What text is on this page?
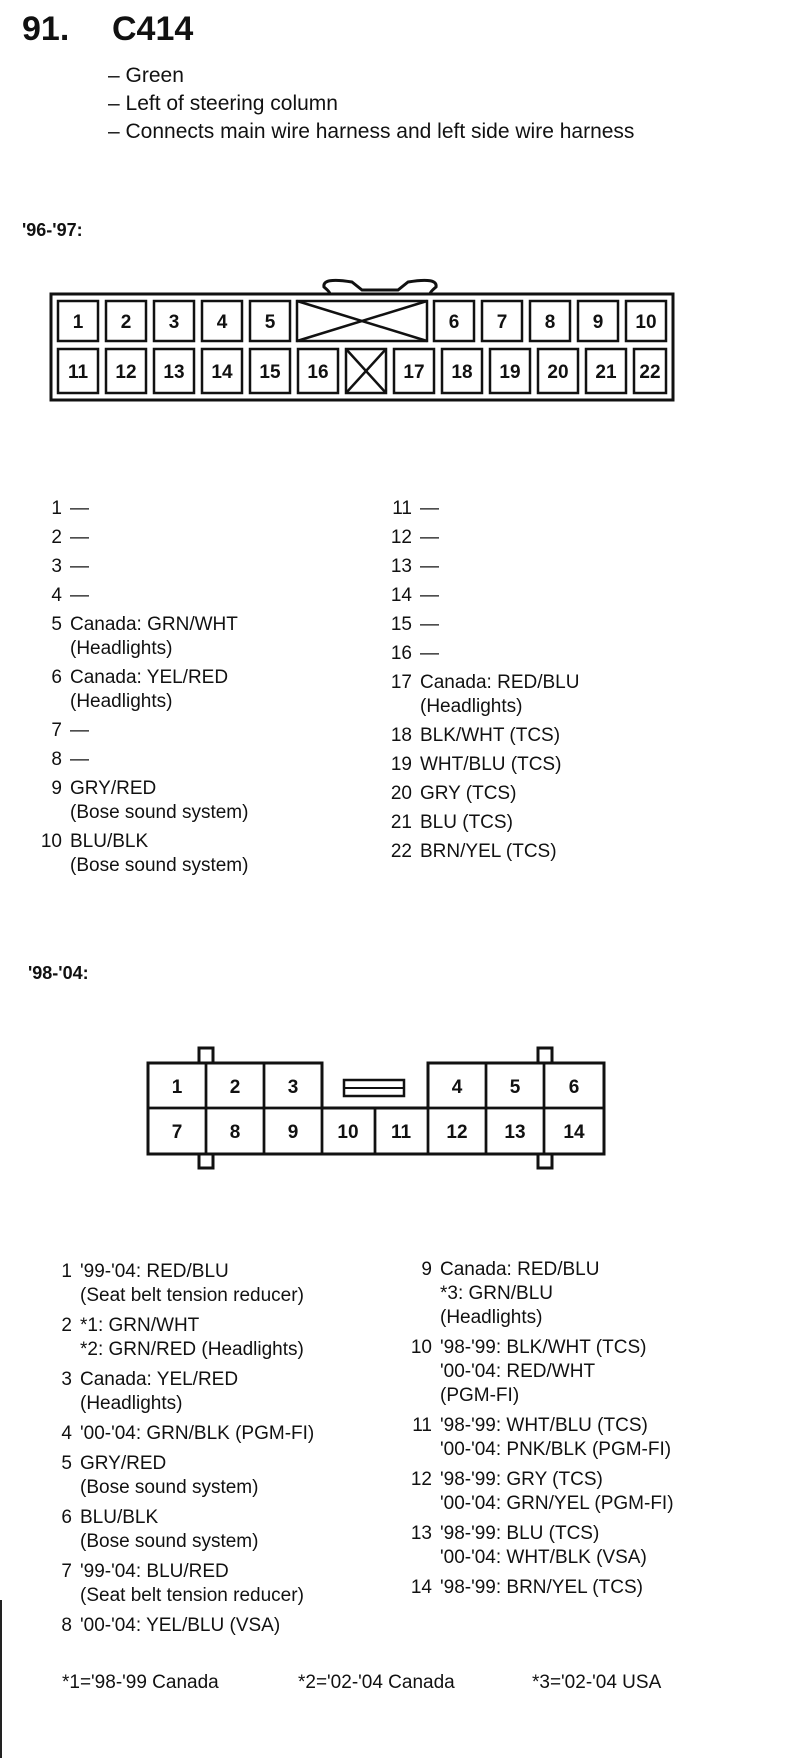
91. C414
– Green
– Left of steering column
– Connects main wire harness and left side wire harness
'96-'97:
1 2 3 4 5	6 7 8 9 10
11 12 13 14 15 16	17 18 19 20 21 22
1 —
2 —
3 —
4 —
5 Canada: GRN/WHT
(Headlights)
6 Canada: YEL/RED
(Headlights)
7 —
8 —
9 GRY/RED
(Bose sound system)
10 BLU/BLK
(Bose sound system)
11 —
12 —
13 —
14 —
15 —
16 —
17 Canada: RED/BLU
(Headlights)
18 BLK/WHT (TCS)
19 WHT/BLU (TCS)
20 GRY (TCS)
21 BLU (TCS)
22 BRN/YEL (TCS)
'98-'04:
1 2 3	4 5	6
7 8 9 10 11 12 13 14
1 '99-'04: RED/BLU
(Seat belt tension reducer)
2 *1: GRN/WHT
*2: GRN/RED (Headlights)
3 Canada: YEL/RED
(Headlights)
4 '00-'04: GRN/BLK (PGM-FI)
5 GRY/RED
(Bose sound system)
6 BLU/BLK
(Bose sound system)
7 '99-'04: BLU/RED
(Seat belt tension reducer)
8 '00-'04: YEL/BLU (VSA)
9 Canada: RED/BLU
*3: GRN/BLU
(Headlights)
10 '98-'99: BLK/WHT (TCS)
'00-'04: RED/WHT
(PGM-FI)
11 '98-'99: WHT/BLU (TCS)
'00-'04: PNK/BLK (PGM-FI)
12 '98-'99: GRY (TCS)
'00-'04: GRN/YEL (PGM-FI)
13 '98-'99: BLU (TCS)
'00-'04: WHT/BLK (VSA)
14 '98-'99: BRN/YEL (TCS)
*1='98-'99 Canada	*2='02-'04 Canada	*3='02-'04 USA
